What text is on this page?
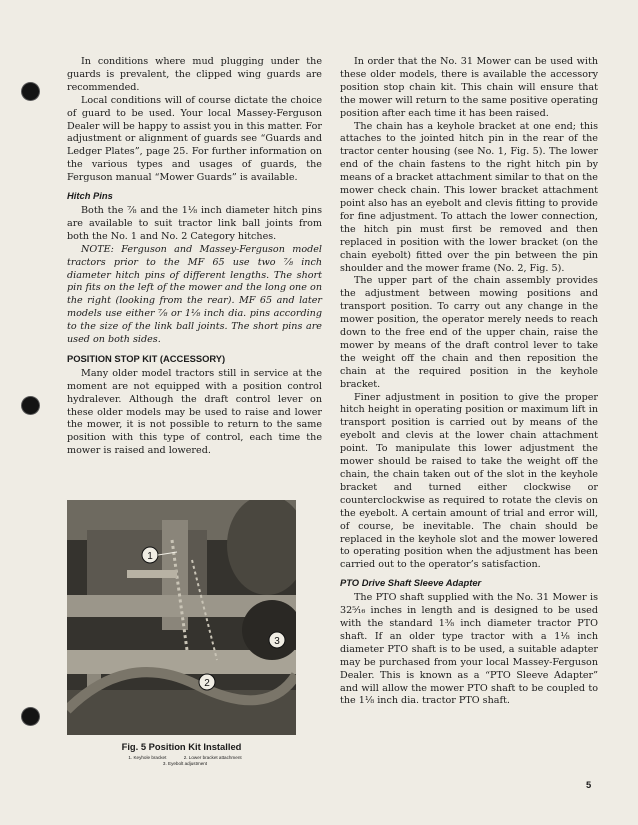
In conditions where mud plugging under the guards is prevalent, the clipped wing guards are recommended.

Local conditions will of course dictate the choice of guard to be used. Your local Massey-Ferguson Dealer will be happy to assist you in this matter. For adjustment or alignment of guards see “Guards and Ledger Plates”, page 25. For further information on the various types and usages of guards, the Ferguson manual “Mower Guards” is available.

Hitch Pins

Both the ⅞ and the 1⅛ inch diameter hitch pins are available to suit tractor link ball joints from both the No. 1 and No. 2 Category hitches.

NOTE: Ferguson and Massey-Ferguson model tractors prior to the MF 65 use two ⅞ inch diameter hitch pins of different lengths. The short pin fits on the left of the mower and the long one on the right (looking from the rear). MF 65 and later models use either ⅞ or 1⅛ inch dia. pins according to the size of the link ball joints. The short pins are used on both sides.

POSITION STOP KIT (ACCESSORY)

Many older model tractors still in service at the moment are not equipped with a position control hydralever. Although the draft control lever on these older models may be used to raise and lower the mower, it is not possible to return to the same position with this type of control, each time the mower is raised and lowered.

1
2
3
Fig. 5 Position Kit Installed
1. Keyhole bracket	2. Lower bracket attachment
3. Eyebolt adjustment

In order that the No. 31 Mower can be used with these older models, there is available the accessory position stop chain kit. This chain will ensure that the mower will return to the same positive operating position after each time it has been raised.

The chain has a keyhole bracket at one end; this attaches to the jointed hitch pin in the rear of the tractor center housing (see No. 1, Fig. 5). The lower end of the chain fastens to the right hitch pin by means of a bracket attachment similar to that on the mower check chain. This lower bracket attachment point also has an eyebolt and clevis fitting to provide for fine adjustment. To attach the lower connection, the hitch pin must first be removed and then replaced in position with the lower bracket (on the chain eyebolt) fitted over the pin between the pin shoulder and the mower frame (No. 2, Fig. 5).

The upper part of the chain assembly provides the adjustment between mowing positions and transport position. To carry out any change in the mower position, the operator merely needs to reach down to the free end of the upper chain, raise the mower by means of the draft control lever to take the weight off the chain and then reposition the chain at the required position in the keyhole bracket.

Finer adjustment in position to give the proper hitch height in operating position or maximum lift in transport position is carried out by means of the eyebolt and clevis at the lower chain attachment point. To manipulate this lower adjustment the mower should be raised to take the weight off the chain, the chain taken out of the slot in the keyhole bracket and turned either clockwise or counterclockwise as required to rotate the clevis on the eyebolt. A certain amount of trial and error will, of course, be inevitable. The chain should be replaced in the keyhole slot and the mower lowered to operating position when the adjustment has been carried out to the operator’s satisfaction.

PTO Drive Shaft Sleeve Adapter

The PTO shaft supplied with the No. 31 Mower is 32⁵⁄₁₆ inches in length and is designed to be used with the standard 1⅜ inch diameter tractor PTO shaft. If an older type tractor with a 1⅛ inch diameter PTO shaft is to be used, a suitable adapter may be purchased from your local Massey-Ferguson Dealer. This is known as a “PTO Sleeve Adapter” and will allow the mower PTO shaft to be coupled to the 1⅛ inch dia. tractor PTO shaft.

5
